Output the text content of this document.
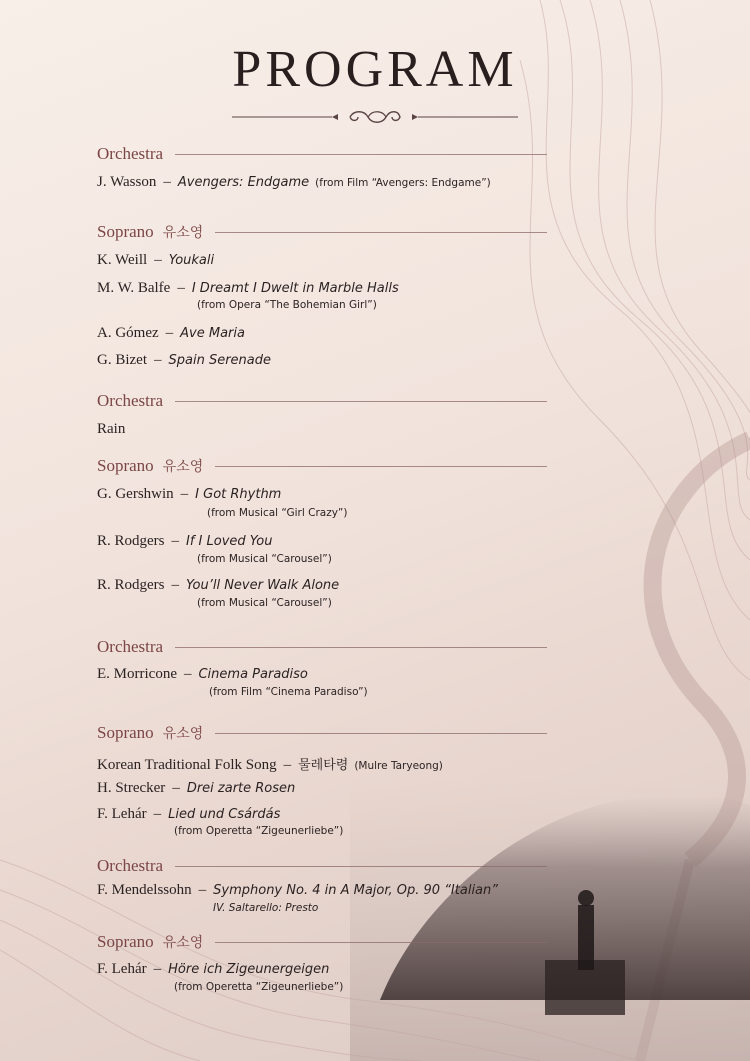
PROGRAM
Orchestra
J. Wasson – Avengers: Endgame (from Film “Avengers: Endgame”)
Soprano 유소영
K. Weill – Youkali
M. W. Balfe – I Dreamt I Dwelt in Marble Halls
(from Opera “The Bohemian Girl”)
A. Gómez – Ave Maria
G. Bizet – Spain Serenade
Orchestra
Rain
Soprano 유소영
G. Gershwin – I Got Rhythm
(from Musical “Girl Crazy”)
R. Rodgers – If I Loved You
(from Musical “Carousel”)
R. Rodgers – You’ll Never Walk Alone
(from Musical “Carousel”)
Orchestra
E. Morricone – Cinema Paradiso
(from Film “Cinema Paradiso”)
Soprano 유소영
Korean Traditional Folk Song – 물레타령 (Mulre Taryeong)
H. Strecker – Drei zarte Rosen
F. Lehár – Lied und Csárdás
(from Operetta “Zigeunerliebe”)
Orchestra
F. Mendelssohn – Symphony No. 4 in A Major, Op. 90 “Italian”
IV. Saltarello: Presto
Soprano 유소영
F. Lehár – Höre ich Zigeunergeigen
(from Operetta “Zigeunerliebe”)
